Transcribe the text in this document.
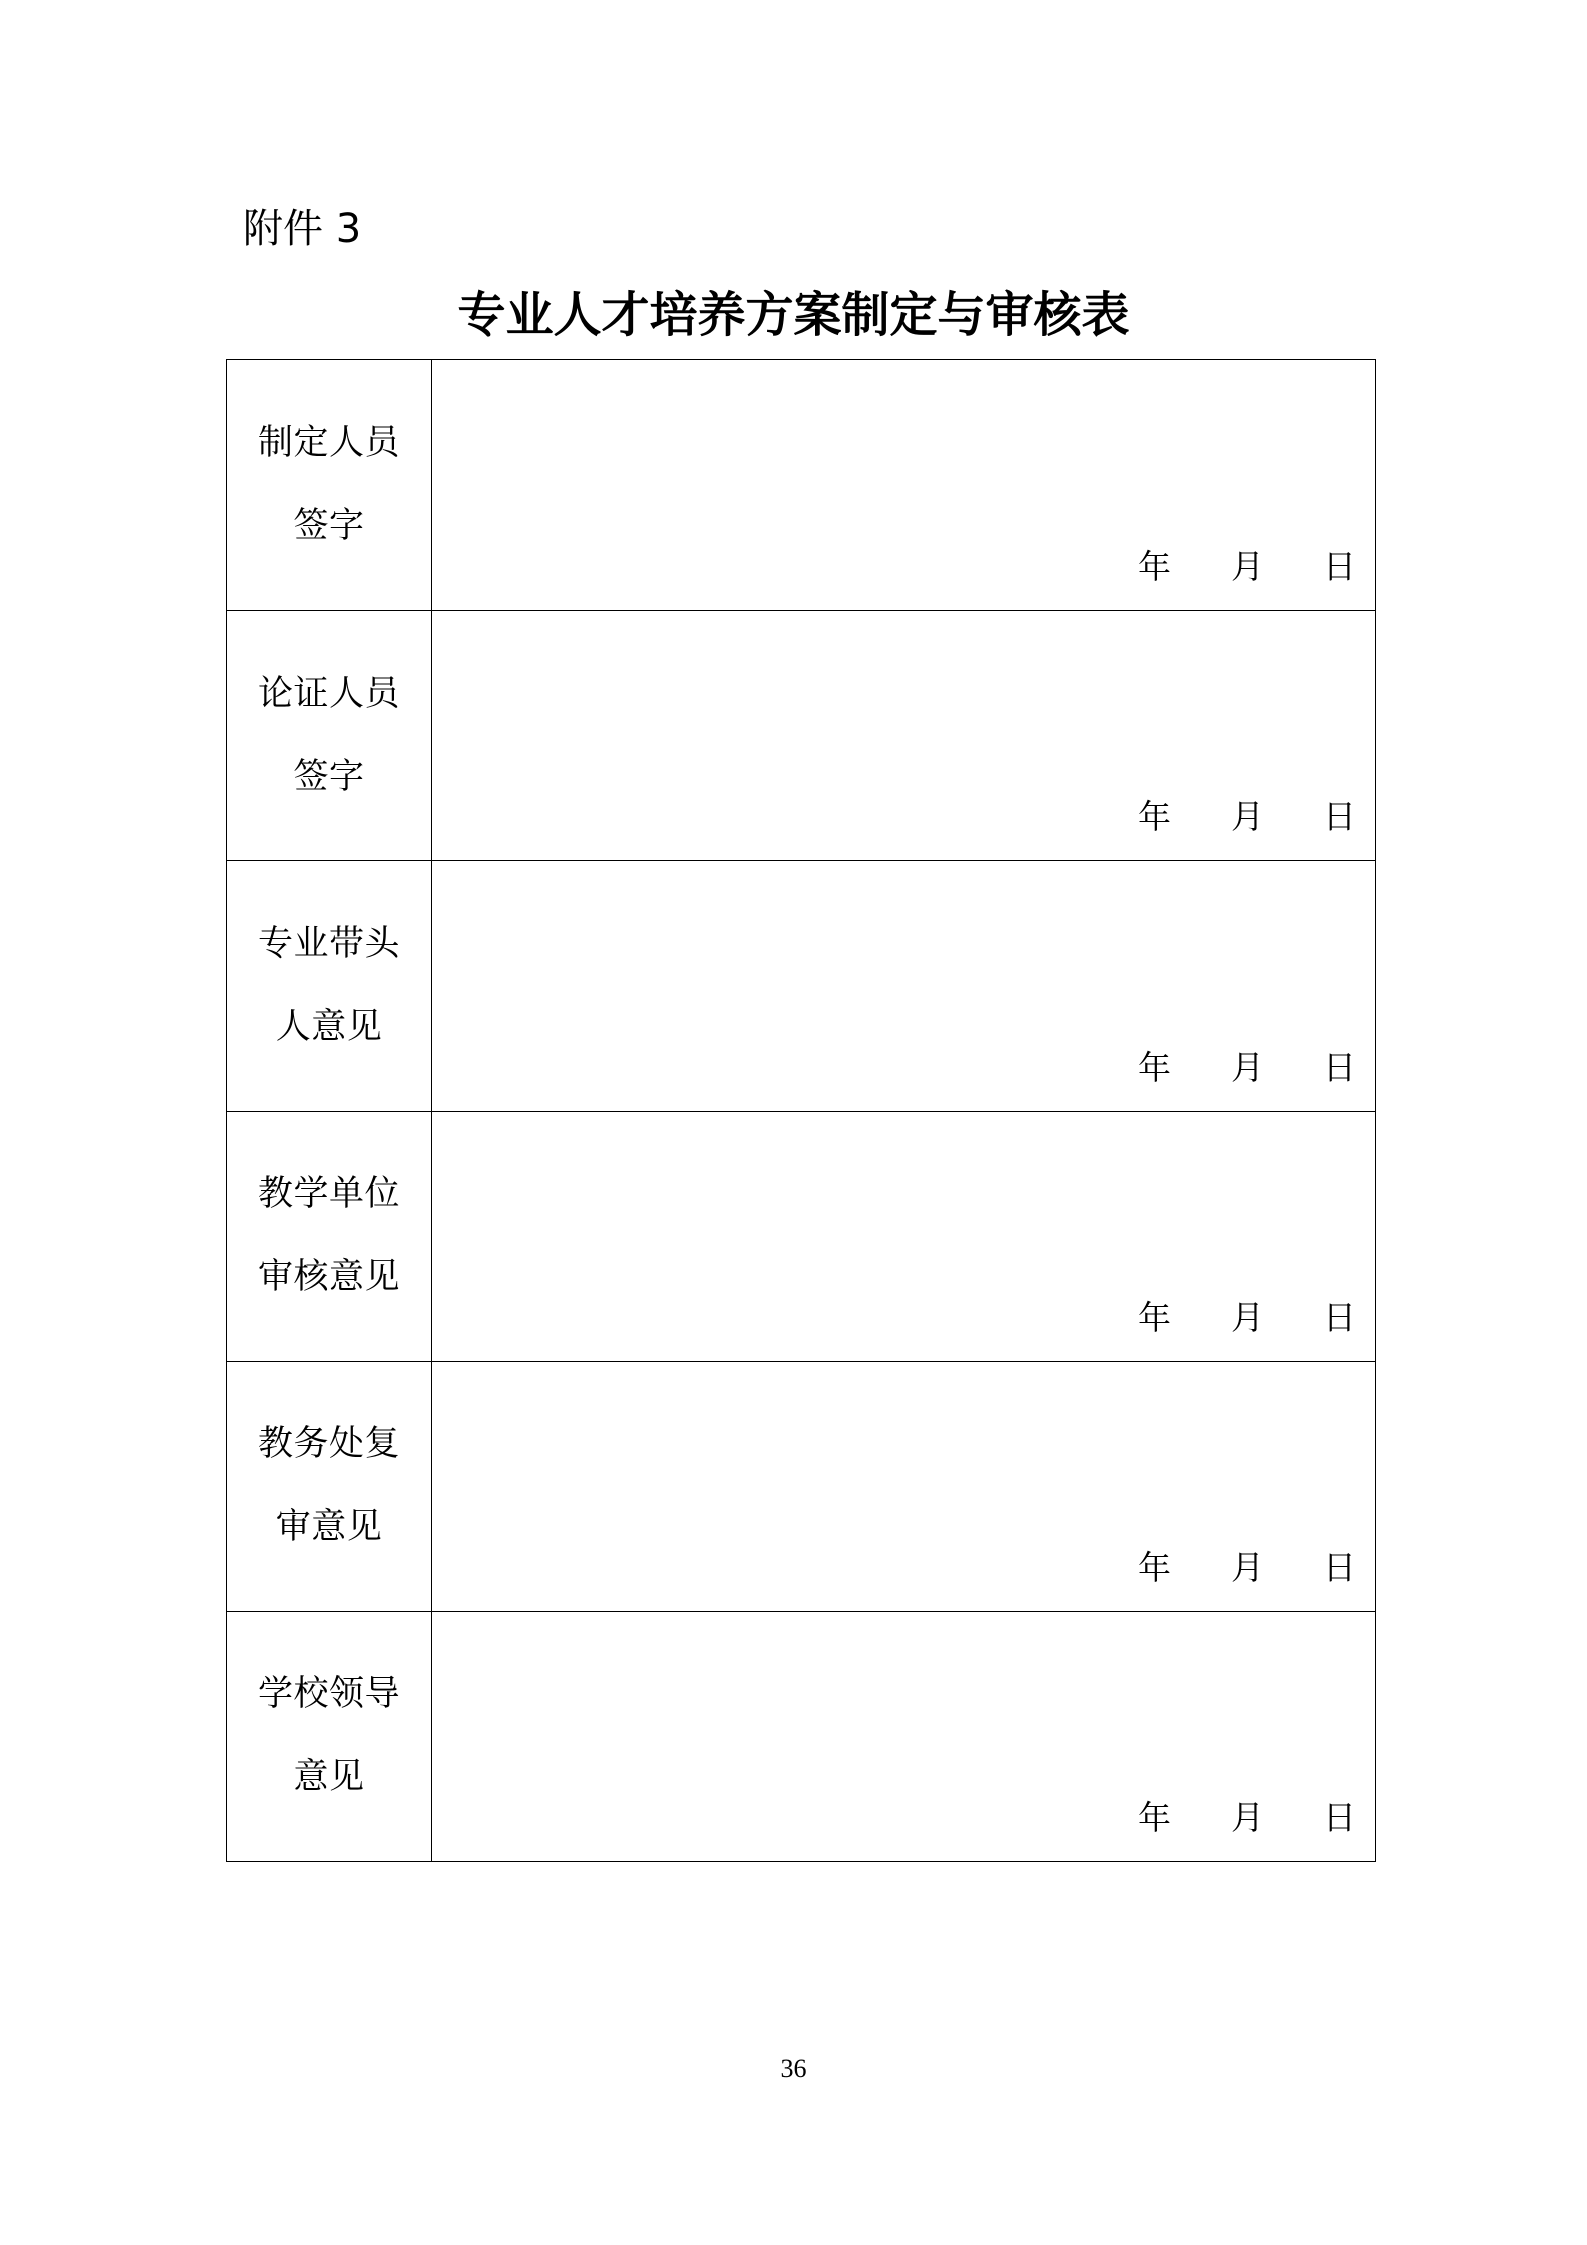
附件 3
专业人才培养方案制定与审核表
制定人员
签字
年 月 日
论证人员
签字
年 月 日
专业带头
人意见
年 月 日
教学单位
审核意见
年 月 日
教务处复
审意见
年 月 日
学校领导
意见
年 月 日
36
